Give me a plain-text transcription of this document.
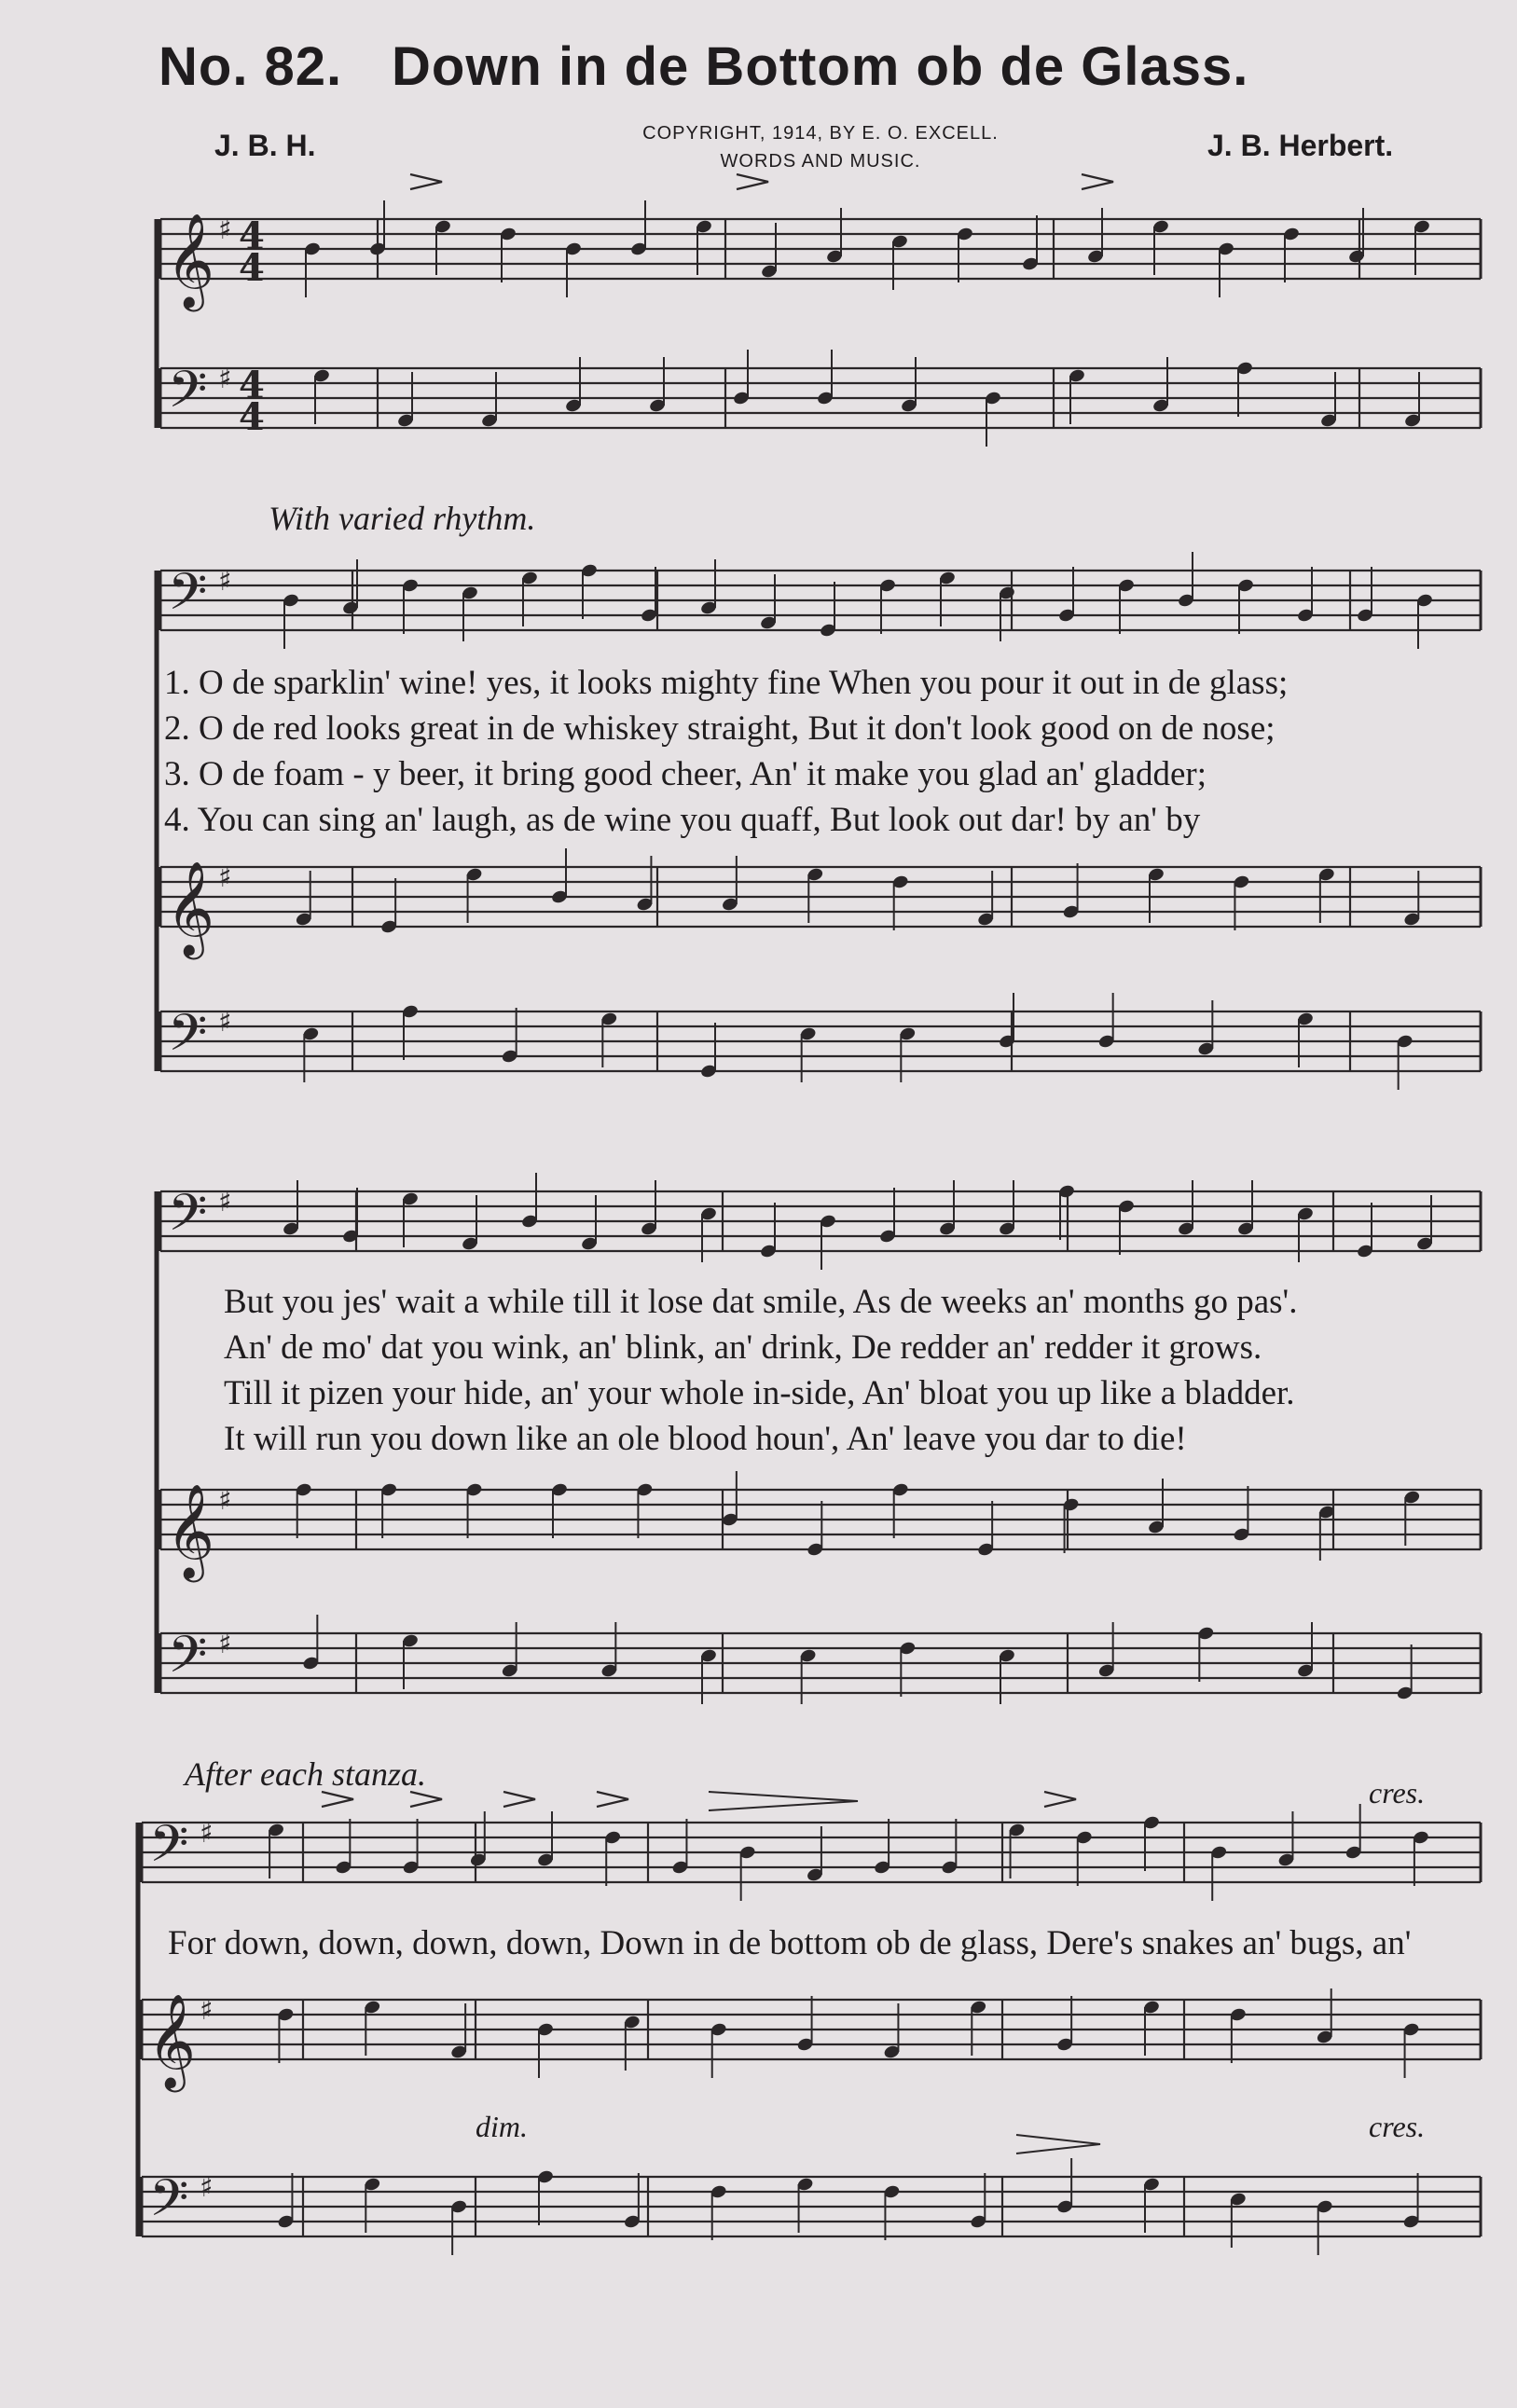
No. 82. Down in de Bottom ob de Glass.
J. B. H.	COPYRIGHT, 1914, BY E. O. EXCELL.
WORDS AND MUSIC.	J. B. Herbert.
𝄞 ♯ 4
4
𝄢 ♯ 4
4
𝄢 ♯
𝄞 ♯
𝄢 ♯
𝄢 ♯
𝄞 ♯
𝄢 ♯
𝄢 ♯
𝄞 ♯
𝄢 ♯
With varied rhythm.
After each stanza.
1. O de sparklin' wine! yes, it looks mighty fine When you pour it out in de glass;
2. O de red looks great in de whiskey straight, But it don't look good on de nose;
3. O de foam - y beer, it bring good cheer, An' it make you glad an' gladder;
4. You can sing an' laugh, as de wine you quaff, But look out dar! by an' by
But you jes' wait a while till it lose dat smile, As de weeks an' months go pas'.
An' de mo' dat you wink, an' blink, an' drink, De redder an' redder it grows.
Till it pizen your hide, an' your whole in-side, An' bloat you up like a bladder.
It will run you down like an ole blood houn', An' leave you dar to die!
For down, down, down, down, Down in de bottom ob de glass, Dere's snakes an' bugs, an'
cres.
dim.	cres.
